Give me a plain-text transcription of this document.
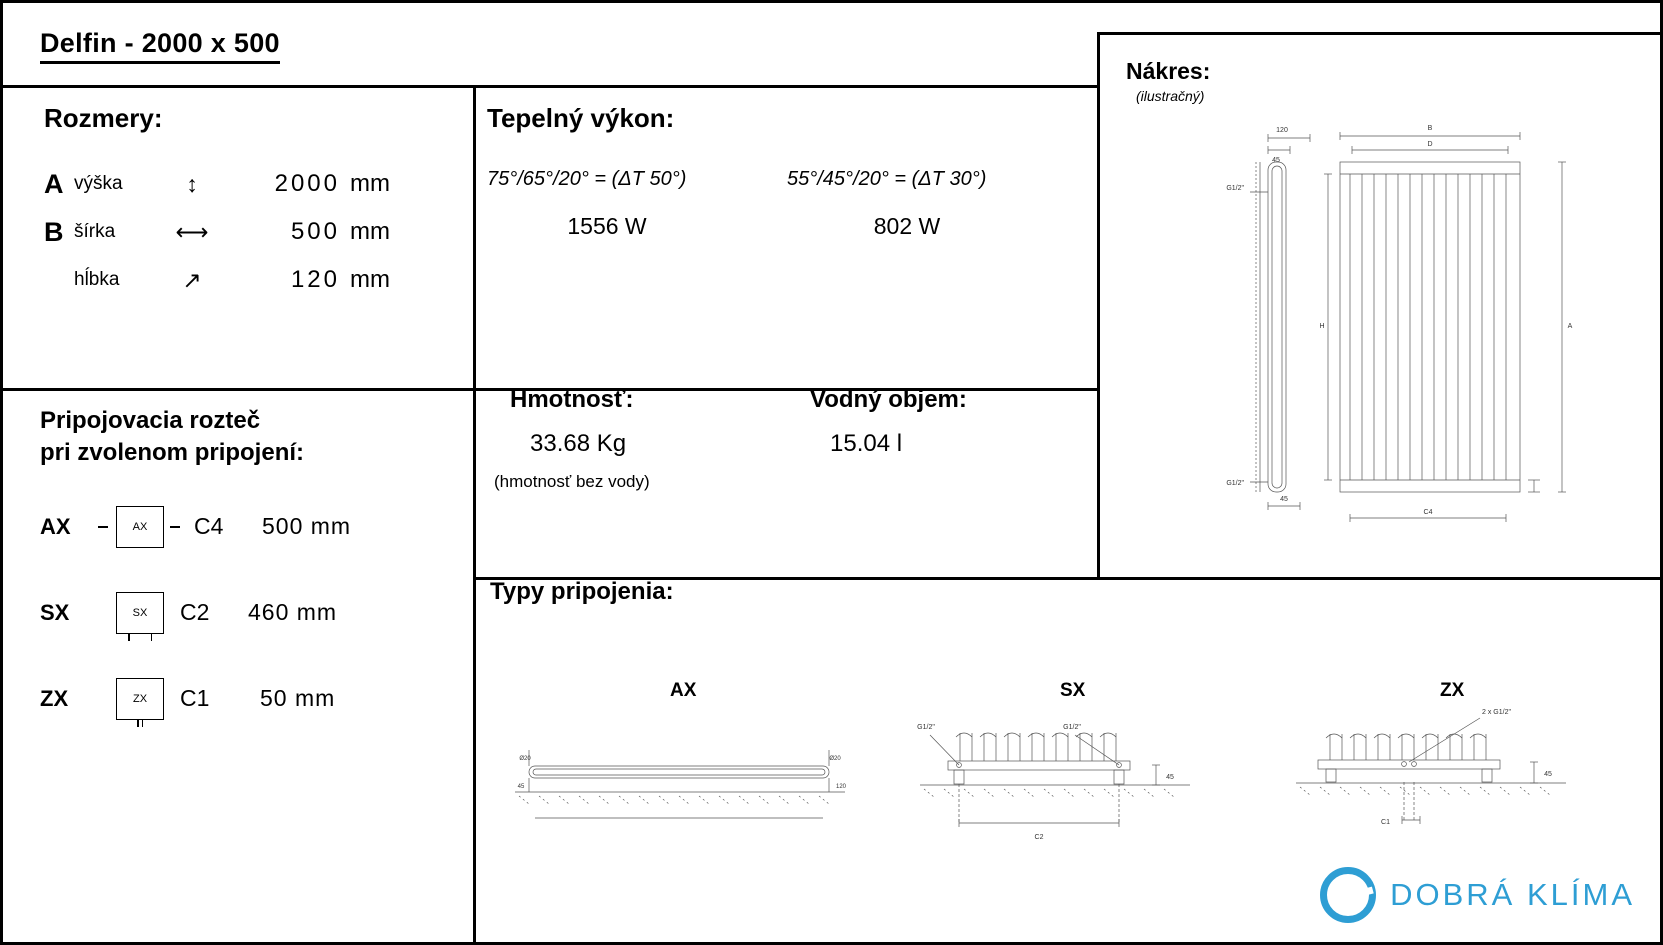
Delfin - 2000 x 500
Rozmery:
A výška	↕	2000 mm
B šírka	⟷	500 mm
hĺbka	↗	120 mm
Tepelný výkon:
75°/65°/20° = (ΔT 50°)
1556 W
55°/45°/20° = (ΔT 30°)
802 W
Hmotnosť:
33.68 Kg
(hmotnosť bez vody)
Vodný objem:
15.04 l
Pripojovacia rozteč
pri zvolenom pripojení:
AX	AX C4	500 mm
SX	SX C2	460 mm
ZX	ZX C1	50 mm
Nákres:
(ilustračný)
120
45
B
D
A
H
G1/2"
G1/2"
45
C4
Typy pripojenia:
AX	SX	ZX
Ø20	Ø20
45	120
G1/2"	G1/2"
45
C2
2 x G1/2"
45
C1
DOBRÁ KLÍMA
